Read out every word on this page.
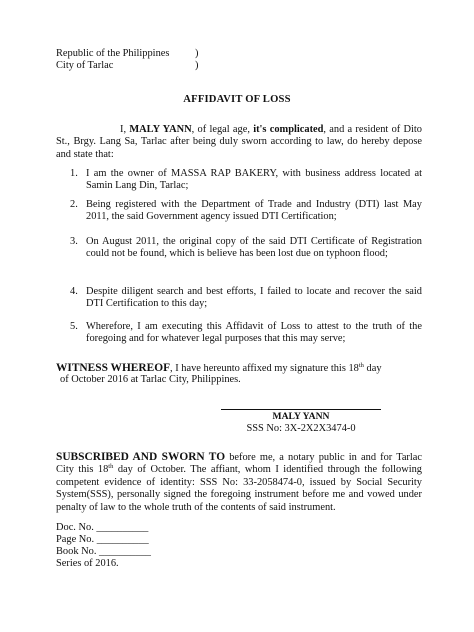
Republic of the Philippines )
City of Tarlac	)
AFFIDAVIT OF LOSS
I, MALY YANN, of legal age, it's complicated, and a resident of Dito St., Brgy. Lang Sa, Tarlac after being duly sworn according to law, do hereby depose and state that:
1. I am the owner of MASSA RAP BAKERY, with business address located at Samin Lang Din, Tarlac;
2. Being registered with the Department of Trade and Industry (DTI) last May 2011, the said Government agency issued DTI Certification;
3. On August 2011, the original copy of the said DTI Certificate of Registration could not be found, which is believe has been lost due on typhoon flood;
4. Despite diligent search and best efforts, I failed to locate and recover the said DTI Certification to this day;
5. Wherefore, I am executing this Affidavit of Loss to attest to the truth of the foregoing and for whatever legal purposes that this may serve;
WITNESS WHEREOF, I have hereunto affixed my signature this 18th day
of October 2016 at Tarlac City, Philippines.
MALY YANN
SSS No: 3X-2X2X3474-0
SUBSCRIBED AND SWORN TO before me, a notary public in and for Tarlac City this 18th day of October. The affiant, whom I identified through the following competent evidence of identity: SSS No: 33-2058474-0, issued by Social Security System(SSS), personally signed the foregoing instrument before me and vowed under penalty of law to the whole truth of the contents of said instrument.
Doc. No. __________
Page No. __________
Book No. __________
Series of 2016.
